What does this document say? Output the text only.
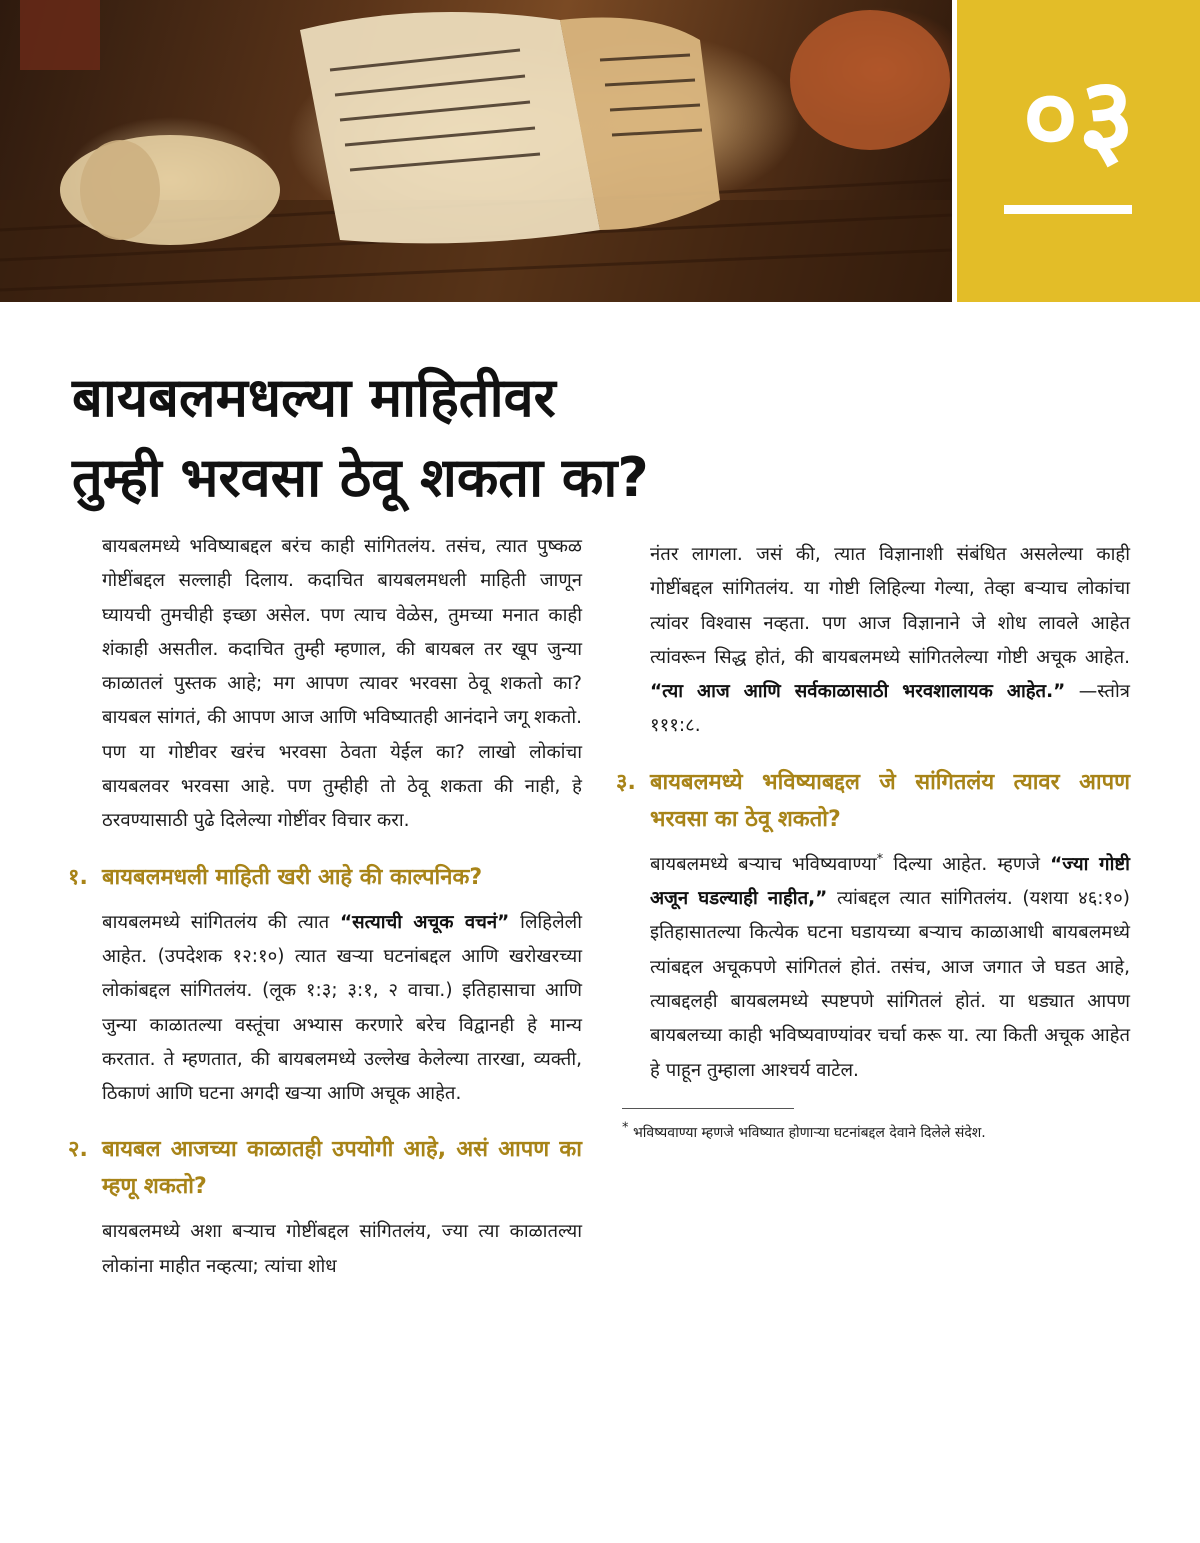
०३
बायबलमधल्या माहितीवर
तुम्ही भरवसा ठेवू शकता का?

बायबलमध्ये भविष्याबद्दल बरंच काही सांगितलंय. तसंच, त्यात पुष्कळ गोष्टींबद्दल सल्लाही दिलाय. कदाचित बायबलमधली माहिती जाणून घ्यायची तुमचीही इच्छा असेल. पण त्याच वेळेस, तुमच्या मनात काही शंकाही असतील. कदाचित तुम्ही म्हणाल, की बायबल तर खूप जुन्या काळातलं पुस्तक आहे; मग आपण त्यावर भरवसा ठेवू शकतो का? बायबल सांगतं, की आपण आज आणि भविष्यातही आनंदाने जगू शकतो. पण या गोष्टीवर खरंच भरवसा ठेवता येईल का? लाखो लोकांचा बायबलवर भरवसा आहे. पण तुम्हीही तो ठेवू शकता की नाही, हे ठरवण्यासाठी पुढे दिलेल्या गोष्टींवर विचार करा.

१. बायबलमधली माहिती खरी आहे की काल्पनिक?

बायबलमध्ये सांगितलंय की त्यात “सत्याची अचूक वचनं” लिहिलेली आहेत. (उपदेशक १२:१०) त्यात खऱ्या घटनांबद्दल आणि खरोखरच्या लोकांबद्दल सांगितलंय. (लूक १:३; ३:१, २ वाचा.) इतिहासाचा आणि जुन्या काळातल्या वस्तूंचा अभ्यास करणारे बरेच विद्वानही हे मान्य करतात. ते म्हणतात, की बायबलमध्ये उल्लेख केलेल्या तारखा, व्यक्ती, ठिकाणं आणि घटना अगदी खऱ्या आणि अचूक आहेत.

२. बायबल आजच्या काळातही उपयोगी आहे, असं आपण का म्हणू शकतो?

बायबलमध्ये अशा बऱ्याच गोष्टींबद्दल सांगितलंय, ज्या त्या काळातल्या लोकांना माहीत नव्हत्या; त्यांचा शोध

नंतर लागला. जसं की, त्यात विज्ञानाशी संबंधित असलेल्या काही गोष्टींबद्दल सांगितलंय. या गोष्टी लिहिल्या गेल्या, तेव्हा बऱ्याच लोकांचा त्यांवर विश्वास नव्हता. पण आज विज्ञानाने जे शोध लावले आहेत त्यांवरून सिद्ध होतं, की बायबलमध्ये सांगितलेल्या गोष्टी अचूक आहेत. “त्या आज आणि सर्वकाळासाठी भरवशालायक आहेत.” —स्तोत्र १११:८.

३. बायबलमध्ये भविष्याबद्दल जे सांगितलंय त्यावर आपण भरवसा का ठेवू शकतो?

बायबलमध्ये बऱ्याच भविष्यवाण्या* दिल्या आहेत. म्हणजे “ज्या गोष्टी अजून घडल्याही नाहीत,” त्यांबद्दल त्यात सांगितलंय. (यशया ४६:१०) इतिहासातल्या कित्येक घटना घडायच्या बऱ्याच काळाआधी बायबलमध्ये त्यांबद्दल अचूकपणे सांगितलं होतं. तसंच, आज जगात जे घडत आहे, त्याबद्दलही बायबलमध्ये स्पष्टपणे सांगितलं होतं. या धड्यात आपण बायबलच्या काही भविष्यवाण्यांवर चर्चा करू या. त्या किती अचूक आहेत हे पाहून तुम्हाला आश्चर्य वाटेल.

* भविष्यवाण्या म्हणजे भविष्यात होणाऱ्या घटनांबद्दल देवाने दिलेले संदेश.
